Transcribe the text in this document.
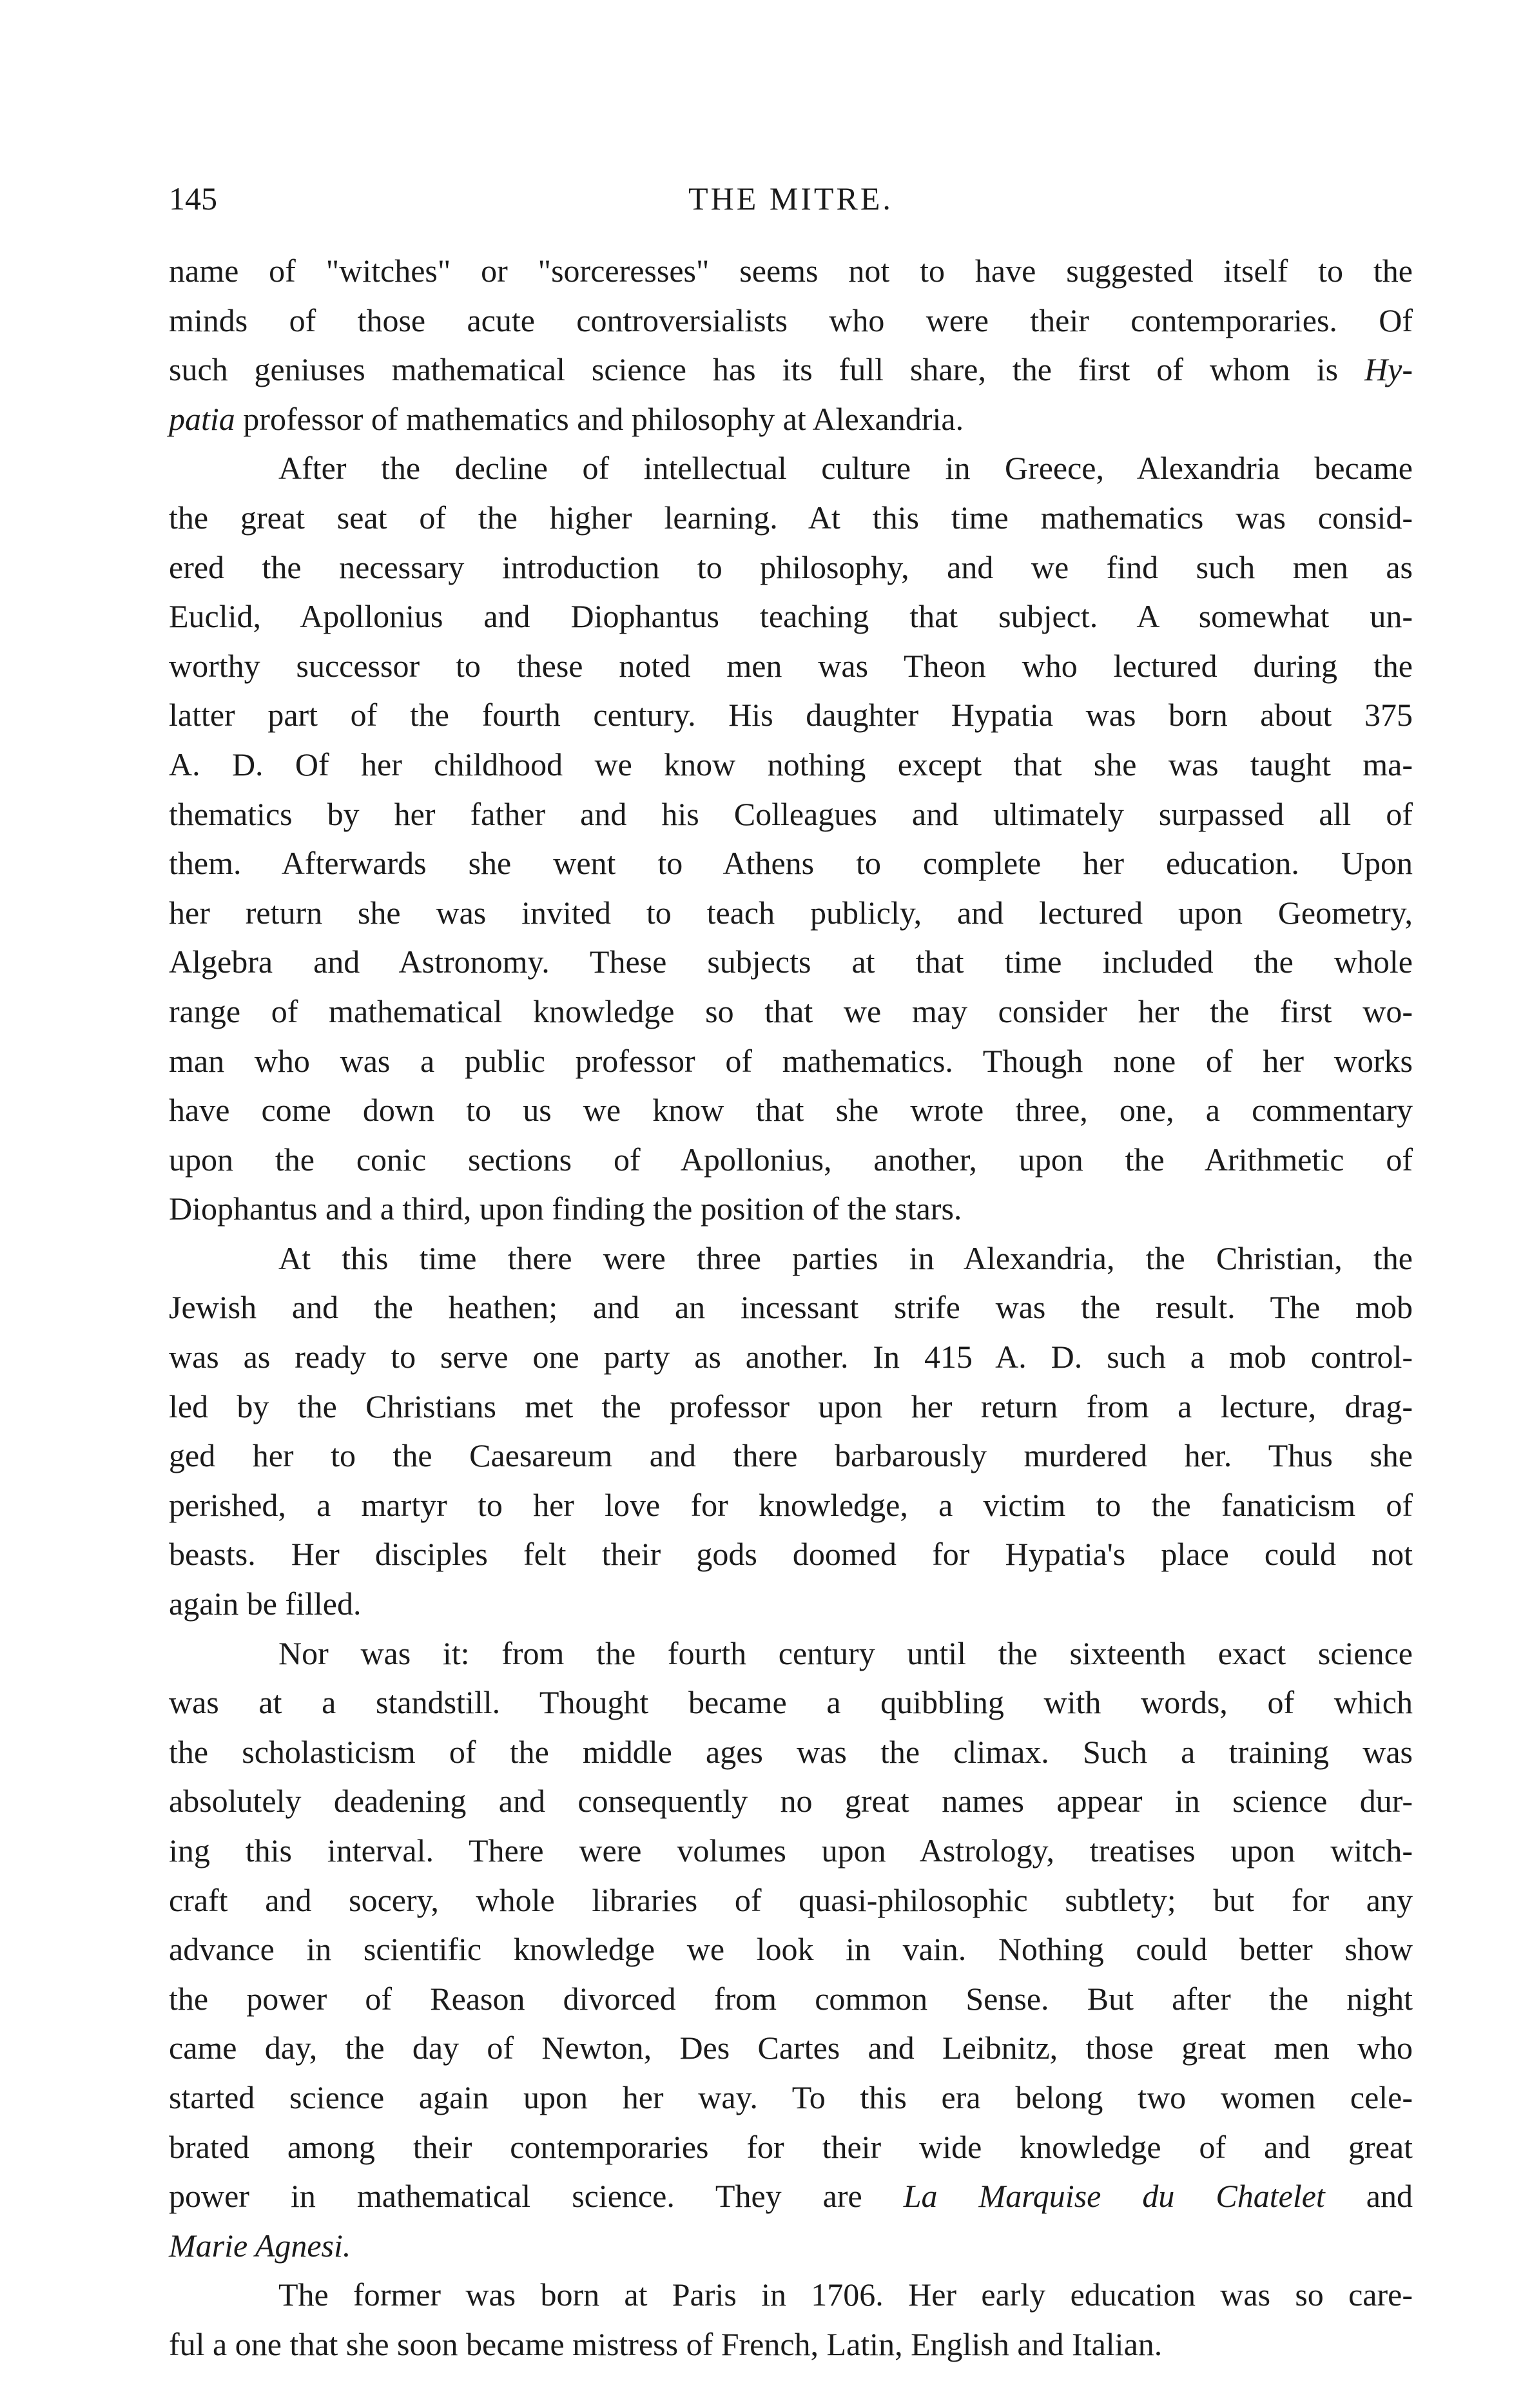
145	THE MITRE.
name of "witches" or "sorceresses" seems not to have suggested itself to the
minds of those acute controversialists who were their contemporaries. Of
such geniuses mathematical science has its full share, the first of whom is Hy-
patia professor of mathematics and philosophy at Alexandria.
After the decline of intellectual culture in Greece, Alexandria became
the great seat of the higher learning. At this time mathematics was consid-
ered the necessary introduction to philosophy, and we find such men as
Euclid, Apollonius and Diophantus teaching that subject. A somewhat un-
worthy successor to these noted men was Theon who lectured during the
latter part of the fourth century. His daughter Hypatia was born about 375
A. D. Of her childhood we know nothing except that she was taught ma-
thematics by her father and his Colleagues and ultimately surpassed all of
them. Afterwards she went to Athens to complete her education. Upon
her return she was invited to teach publicly, and lectured upon Geometry,
Algebra and Astronomy. These subjects at that time included the whole
range of mathematical knowledge so that we may consider her the first wo-
man who was a public professor of mathematics. Though none of her works
have come down to us we know that she wrote three, one, a commentary
upon the conic sections of Apollonius, another, upon the Arithmetic of
Diophantus and a third, upon finding the position of the stars.
At this time there were three parties in Alexandria, the Christian, the
Jewish and the heathen; and an incessant strife was the result. The mob
was as ready to serve one party as another. In 415 A. D. such a mob control-
led by the Christians met the professor upon her return from a lecture, drag-
ged her to the Caesareum and there barbarously murdered her. Thus she
perished, a martyr to her love for knowledge, a victim to the fanaticism of
beasts. Her disciples felt their gods doomed for Hypatia's place could not
again be filled.
Nor was it: from the fourth century until the sixteenth exact science
was at a standstill. Thought became a quibbling with words, of which
the scholasticism of the middle ages was the climax. Such a training was
absolutely deadening and consequently no great names appear in science dur-
ing this interval. There were volumes upon Astrology, treatises upon witch-
craft and socery, whole libraries of quasi-philosophic subtlety; but for any
advance in scientific knowledge we look in vain. Nothing could better show
the power of Reason divorced from common Sense. But after the night
came day, the day of Newton, Des Cartes and Leibnitz, those great men who
started science again upon her way. To this era belong two women cele-
brated among their contemporaries for their wide knowledge of and great
power in mathematical science. They are La Marquise du Chatelet and
Marie Agnesi.
The former was born at Paris in 1706. Her early education was so care-
ful a one that she soon became mistress of French, Latin, English and Italian.
